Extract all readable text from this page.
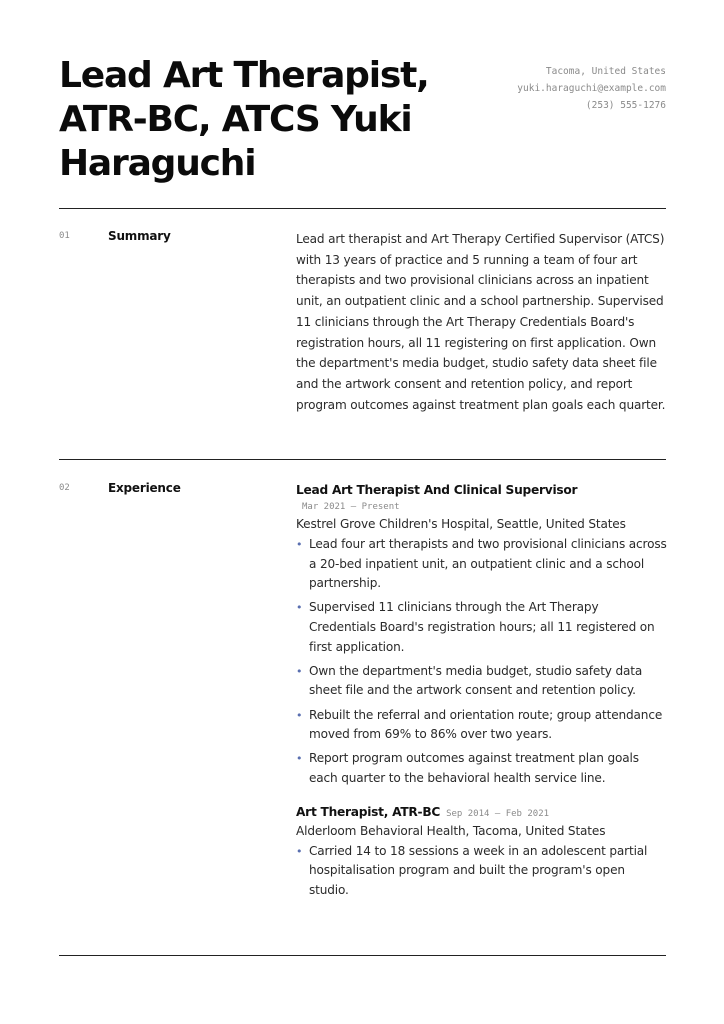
Lead Art Therapist, ATR-BC, ATCS Yuki Haraguchi
Tacoma, United States
yuki.haraguchi@example.com
(253) 555-1276
01	Summary	Lead art therapist and Art Therapy Certified Supervisor (ATCS) with 13 years of practice and 5 running a team of four art therapists and two provisional clinicians across an inpatient unit, an outpatient clinic and a school partnership. Supervised 11 clinicians through the Art Therapy Credentials Board's registration hours, all 11 registering on first application. Own the department's media budget, studio safety data sheet file and the artwork consent and retention policy, and report program outcomes against treatment plan goals each quarter.

02	Experience	Lead Art Therapist And Clinical Supervisor
Mar 2021 — Present
Kestrel Grove Children's Hospital, Seattle, United States
• Lead four art therapists and two provisional clinicians across a 20-bed inpatient unit, an outpatient clinic and a school partnership.
• Supervised 11 clinicians through the Art Therapy Credentials Board's registration hours; all 11 registered on first application.
• Own the department's media budget, studio safety data sheet file and the artwork consent and retention policy.
• Rebuilt the referral and orientation route; group attendance moved from 69% to 86% over two years.
• Report program outcomes against treatment plan goals each quarter to the behavioral health service line.
Art Therapist, ATR-BC Sep 2014 — Feb 2021
Alderloom Behavioral Health, Tacoma, United States
• Carried 14 to 18 sessions a week in an adolescent partial hospitalisation program and built the program's open studio.
